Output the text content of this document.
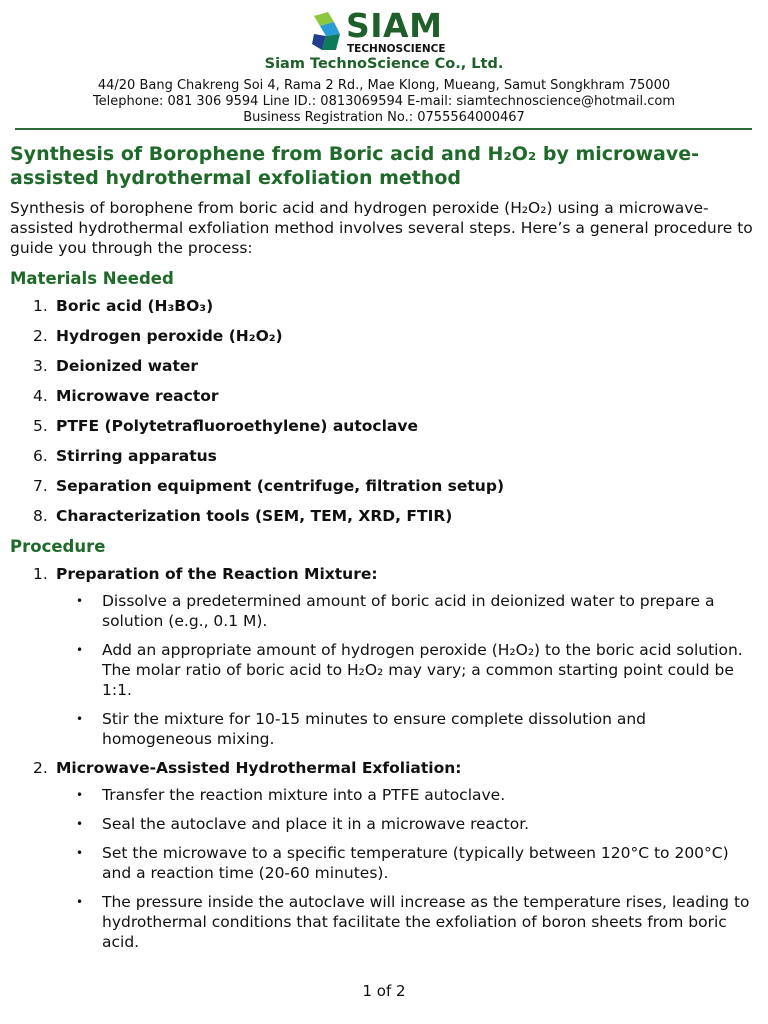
SIAM
TECHNOSCIENCE
Siam TechnoScience Co., Ltd.
44/20 Bang Chakreng Soi 4, Rama 2 Rd., Mae Klong, Mueang, Samut Songkhram 75000
Telephone: 081 306 9594 Line ID.: 0813069594 E-mail: siamtechnoscience@hotmail.com
Business Registration No.: 0755564000467
Synthesis of Borophene from Boric acid and H₂O₂ by microwave-assisted hydrothermal exfoliation method

Synthesis of borophene from boric acid and hydrogen peroxide (H₂O₂) using a microwave-assisted hydrothermal exfoliation method involves several steps. Here’s a general procedure to guide you through the process:

Materials Needed
1. Boric acid (H₃BO₃)
2. Hydrogen peroxide (H₂O₂)
3. Deionized water
4. Microwave reactor
5. PTFE (Polytetrafluoroethylene) autoclave
6. Stirring apparatus
7. Separation equipment (centrifuge, filtration setup)
8. Characterization tools (SEM, TEM, XRD, FTIR)
Procedure
1. Preparation of the Reaction Mixture:
• Dissolve a predetermined amount of boric acid in deionized water to prepare a solution (e.g., 0.1 M).
• Add an appropriate amount of hydrogen peroxide (H₂O₂) to the boric acid solution. The molar ratio of boric acid to H₂O₂ may vary; a common starting point could be 1:1.
• Stir the mixture for 10-15 minutes to ensure complete dissolution and homogeneous mixing.
2. Microwave-Assisted Hydrothermal Exfoliation:
• Transfer the reaction mixture into a PTFE autoclave.
• Seal the autoclave and place it in a microwave reactor.
• Set the microwave to a specific temperature (typically between 120°C to 200°C) and a reaction time (20-60 minutes).
• The pressure inside the autoclave will increase as the temperature rises, leading to hydrothermal conditions that facilitate the exfoliation of boron sheets from boric acid.
1 of 2
